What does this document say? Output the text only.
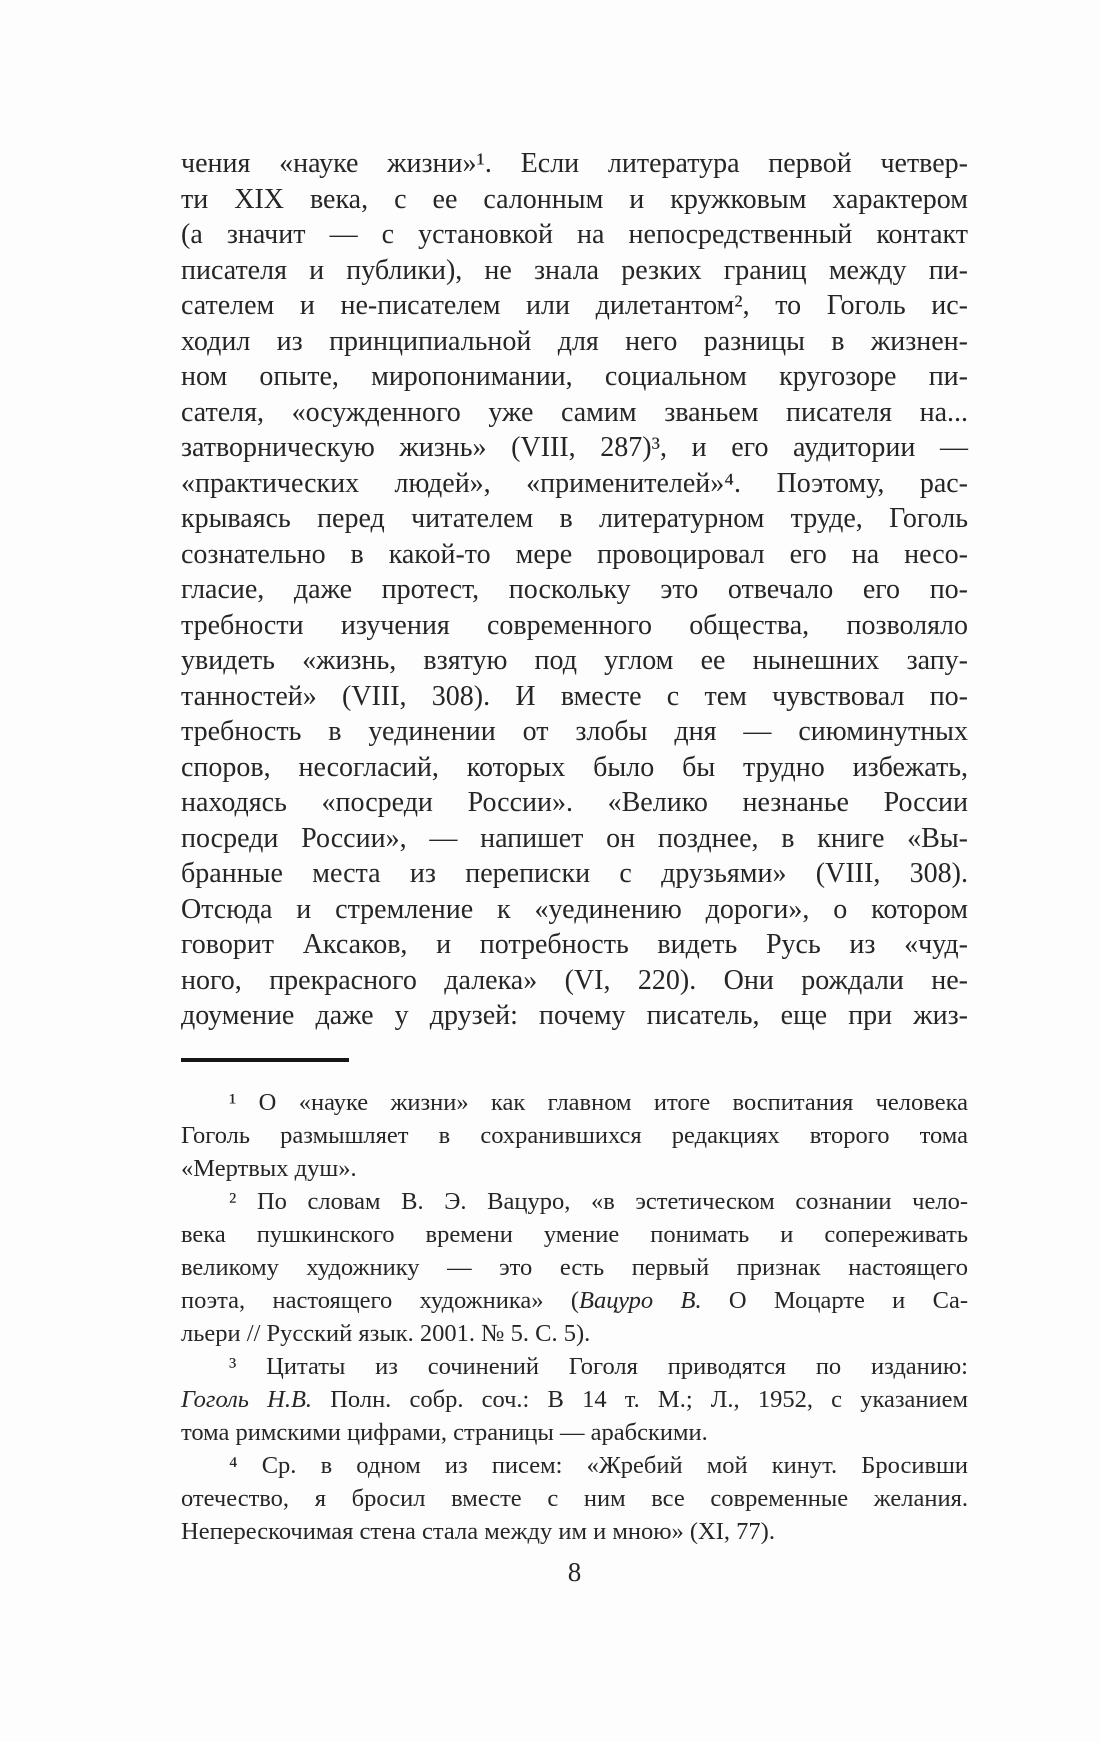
чения «науке жизни»¹. Если литература первой четвер-
ти XIX века, с ее салонным и кружковым характером
(а значит — с установкой на непосредственный контакт
писателя и публики), не знала резких границ между пи-
сателем и не-писателем или дилетантом², то Гоголь ис-
ходил из принципиальной для него разницы в жизнен-
ном опыте, миропонимании, социальном кругозоре пи-
сателя, «осужденного уже самим званьем писателя на...
затворническую жизнь» (VIII, 287)³, и его аудитории —
«практических людей», «применителей»⁴. Поэтому, рас-
крываясь перед читателем в литературном труде, Гоголь
сознательно в какой-то мере провоцировал его на несо-
гласие, даже протест, поскольку это отвечало его по-
требности изучения современного общества, позволяло
увидеть «жизнь, взятую под углом ее нынешних запу-
танностей» (VIII, 308). И вместе с тем чувствовал по-
требность в уединении от злобы дня — сиюминутных
споров, несогласий, которых было бы трудно избежать,
находясь «посреди России». «Велико незнанье России
посреди России», — напишет он позднее, в книге «Вы-
бранные места из переписки с друзьями» (VIII, 308).
Отсюда и стремление к «уединению дороги», о котором
говорит Аксаков, и потребность видеть Русь из «чуд-
ного, прекрасного далека» (VI, 220). Они рождали не-
доумение даже у друзей: почему писатель, еще при жиз-
¹ О «науке жизни» как главном итоге воспитания человека
Гоголь размышляет в сохранившихся редакциях второго тома
«Мертвых душ».
² По словам В. Э. Вацуро, «в эстетическом сознании чело-
века пушкинского времени умение понимать и сопереживать
великому художнику — это есть первый признак настоящего
поэта, настоящего художника» (Вацуро В. О Моцарте и Са-
льери // Русский язык. 2001. № 5. С. 5).
³ Цитаты из сочинений Гоголя приводятся по изданию:
Гоголь Н.В. Полн. собр. соч.: В 14 т. М.; Л., 1952, с указанием
тома римскими цифрами, страницы — арабскими.
⁴ Ср. в одном из писем: «Жребий мой кинут. Бросивши
отечество, я бросил вместе с ним все современные желания.
Неперескочимая стена стала между им и мною» (XI, 77).
8
